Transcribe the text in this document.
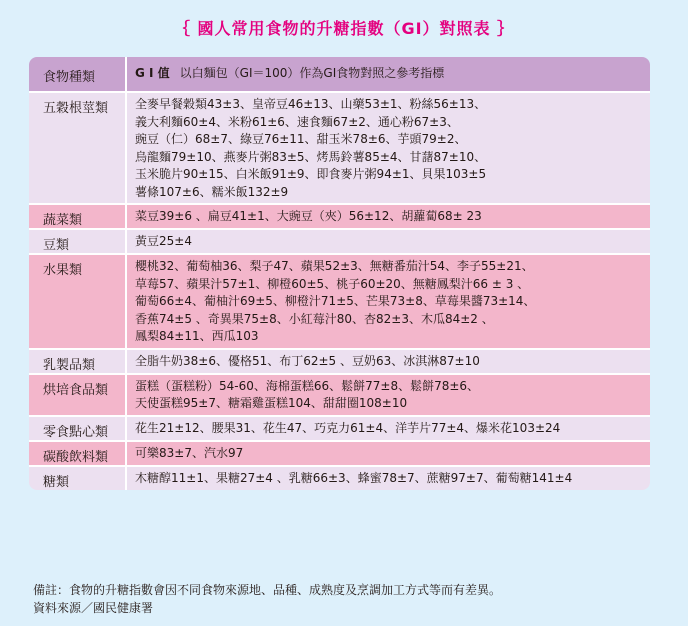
｛ 國人常用食物的升糖指數（GI）對照表 ｝
食物種類	G I 值 以白麵包（GI＝100）作為GI食物對照之參考指標
五穀根莖類	全麥早餐穀類43±3、皇帝豆46±13、山藥53±1、粉絲56±13、
義大利麵60±4、米粉61±6、速食麵67±2、通心粉67±3、
豌豆（仁）68±7、綠豆76±11、甜玉米78±6、芋頭79±2、
烏龍麵79±10、燕麥片粥83±5、烤馬鈴薯85±4、甘藷87±10、
玉米脆片90±15、白米飯91±9、即食麥片粥94±1、貝果103±5
薯條107±6、糯米飯132±9
蔬菜類	菜豆39±6 、扁豆41±1、大豌豆（夾）56±12、胡蘿蔔68± 23
豆類	黃豆25±4
水果類	櫻桃32、葡萄柚36、梨子47、蘋果52±3、無糖番茄汁54、李子55±21、
草莓57、蘋果汁57±1、柳橙60±5、桃子60±20、無糖鳳梨汁66 ± 3 、
葡萄66±4、葡柚汁69±5、柳橙汁71±5、芒果73±8、草莓果醬73±14、
香蕉74±5 、奇異果75±8、小紅莓汁80、杏82±3、木瓜84±2 、
鳳梨84±11、西瓜103
乳製品類	全脂牛奶38±6、優格51、布丁62±5 、豆奶63、冰淇淋87±10
烘培食品類	蛋糕（蛋糕粉）54-60、海棉蛋糕66、鬆餅77±8、鬆餅78±6、
天使蛋糕95±7、糖霜雞蛋糕104、甜甜圈108±10
零食點心類	花生21±12、腰果31、花生47、巧克力61±4、洋芋片77±4、爆米花103±24
碳酸飲料類	可樂83±7、汽水97
糖類	木糖醇11±1、果糖27±4 、乳糖66±3、蜂蜜78±7、蔗糖97±7、葡萄糖141±4
備註：食物的升糖指數會因不同食物來源地、品種、成熟度及烹調加工方式等而有差異。
資料來源／國民健康署
